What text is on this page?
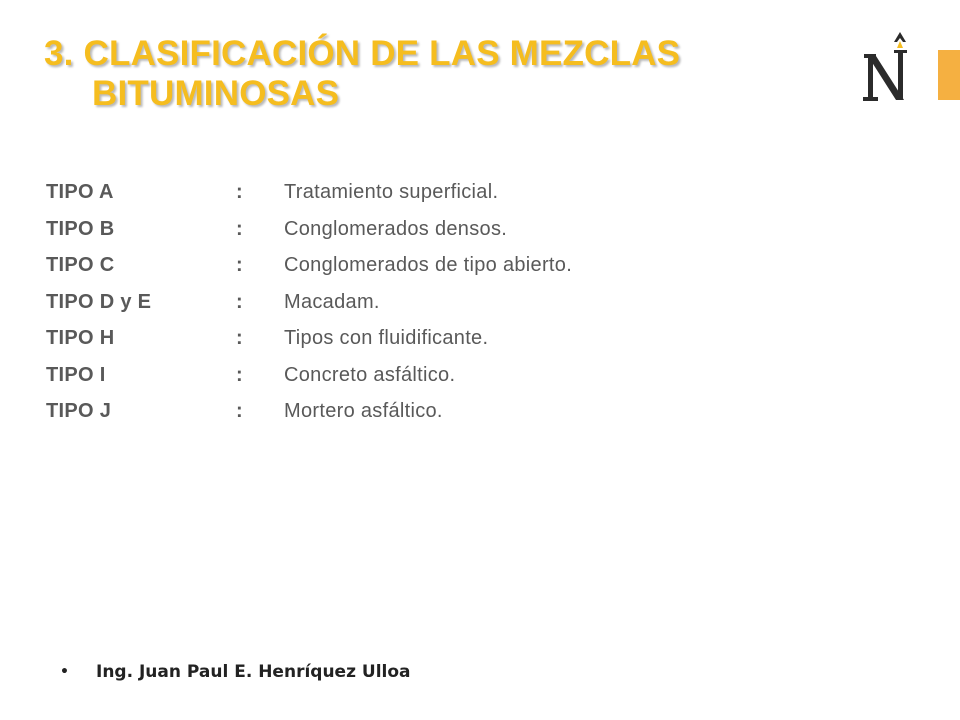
3. CLASIFICACIÓN DE LAS MEZCLAS
BITUMINOSAS
TIPO A	:	Tratamiento superficial.
TIPO B	:	Conglomerados densos.
TIPO C	:	Conglomerados de tipo abierto.
TIPO D y E	:	Macadam.
TIPO H	:	Tipos con fluidificante.
TIPO I	:	Concreto asfáltico.
TIPO J	:	Mortero asfáltico.
•	Ing. Juan Paul E. Henríquez Ulloa
